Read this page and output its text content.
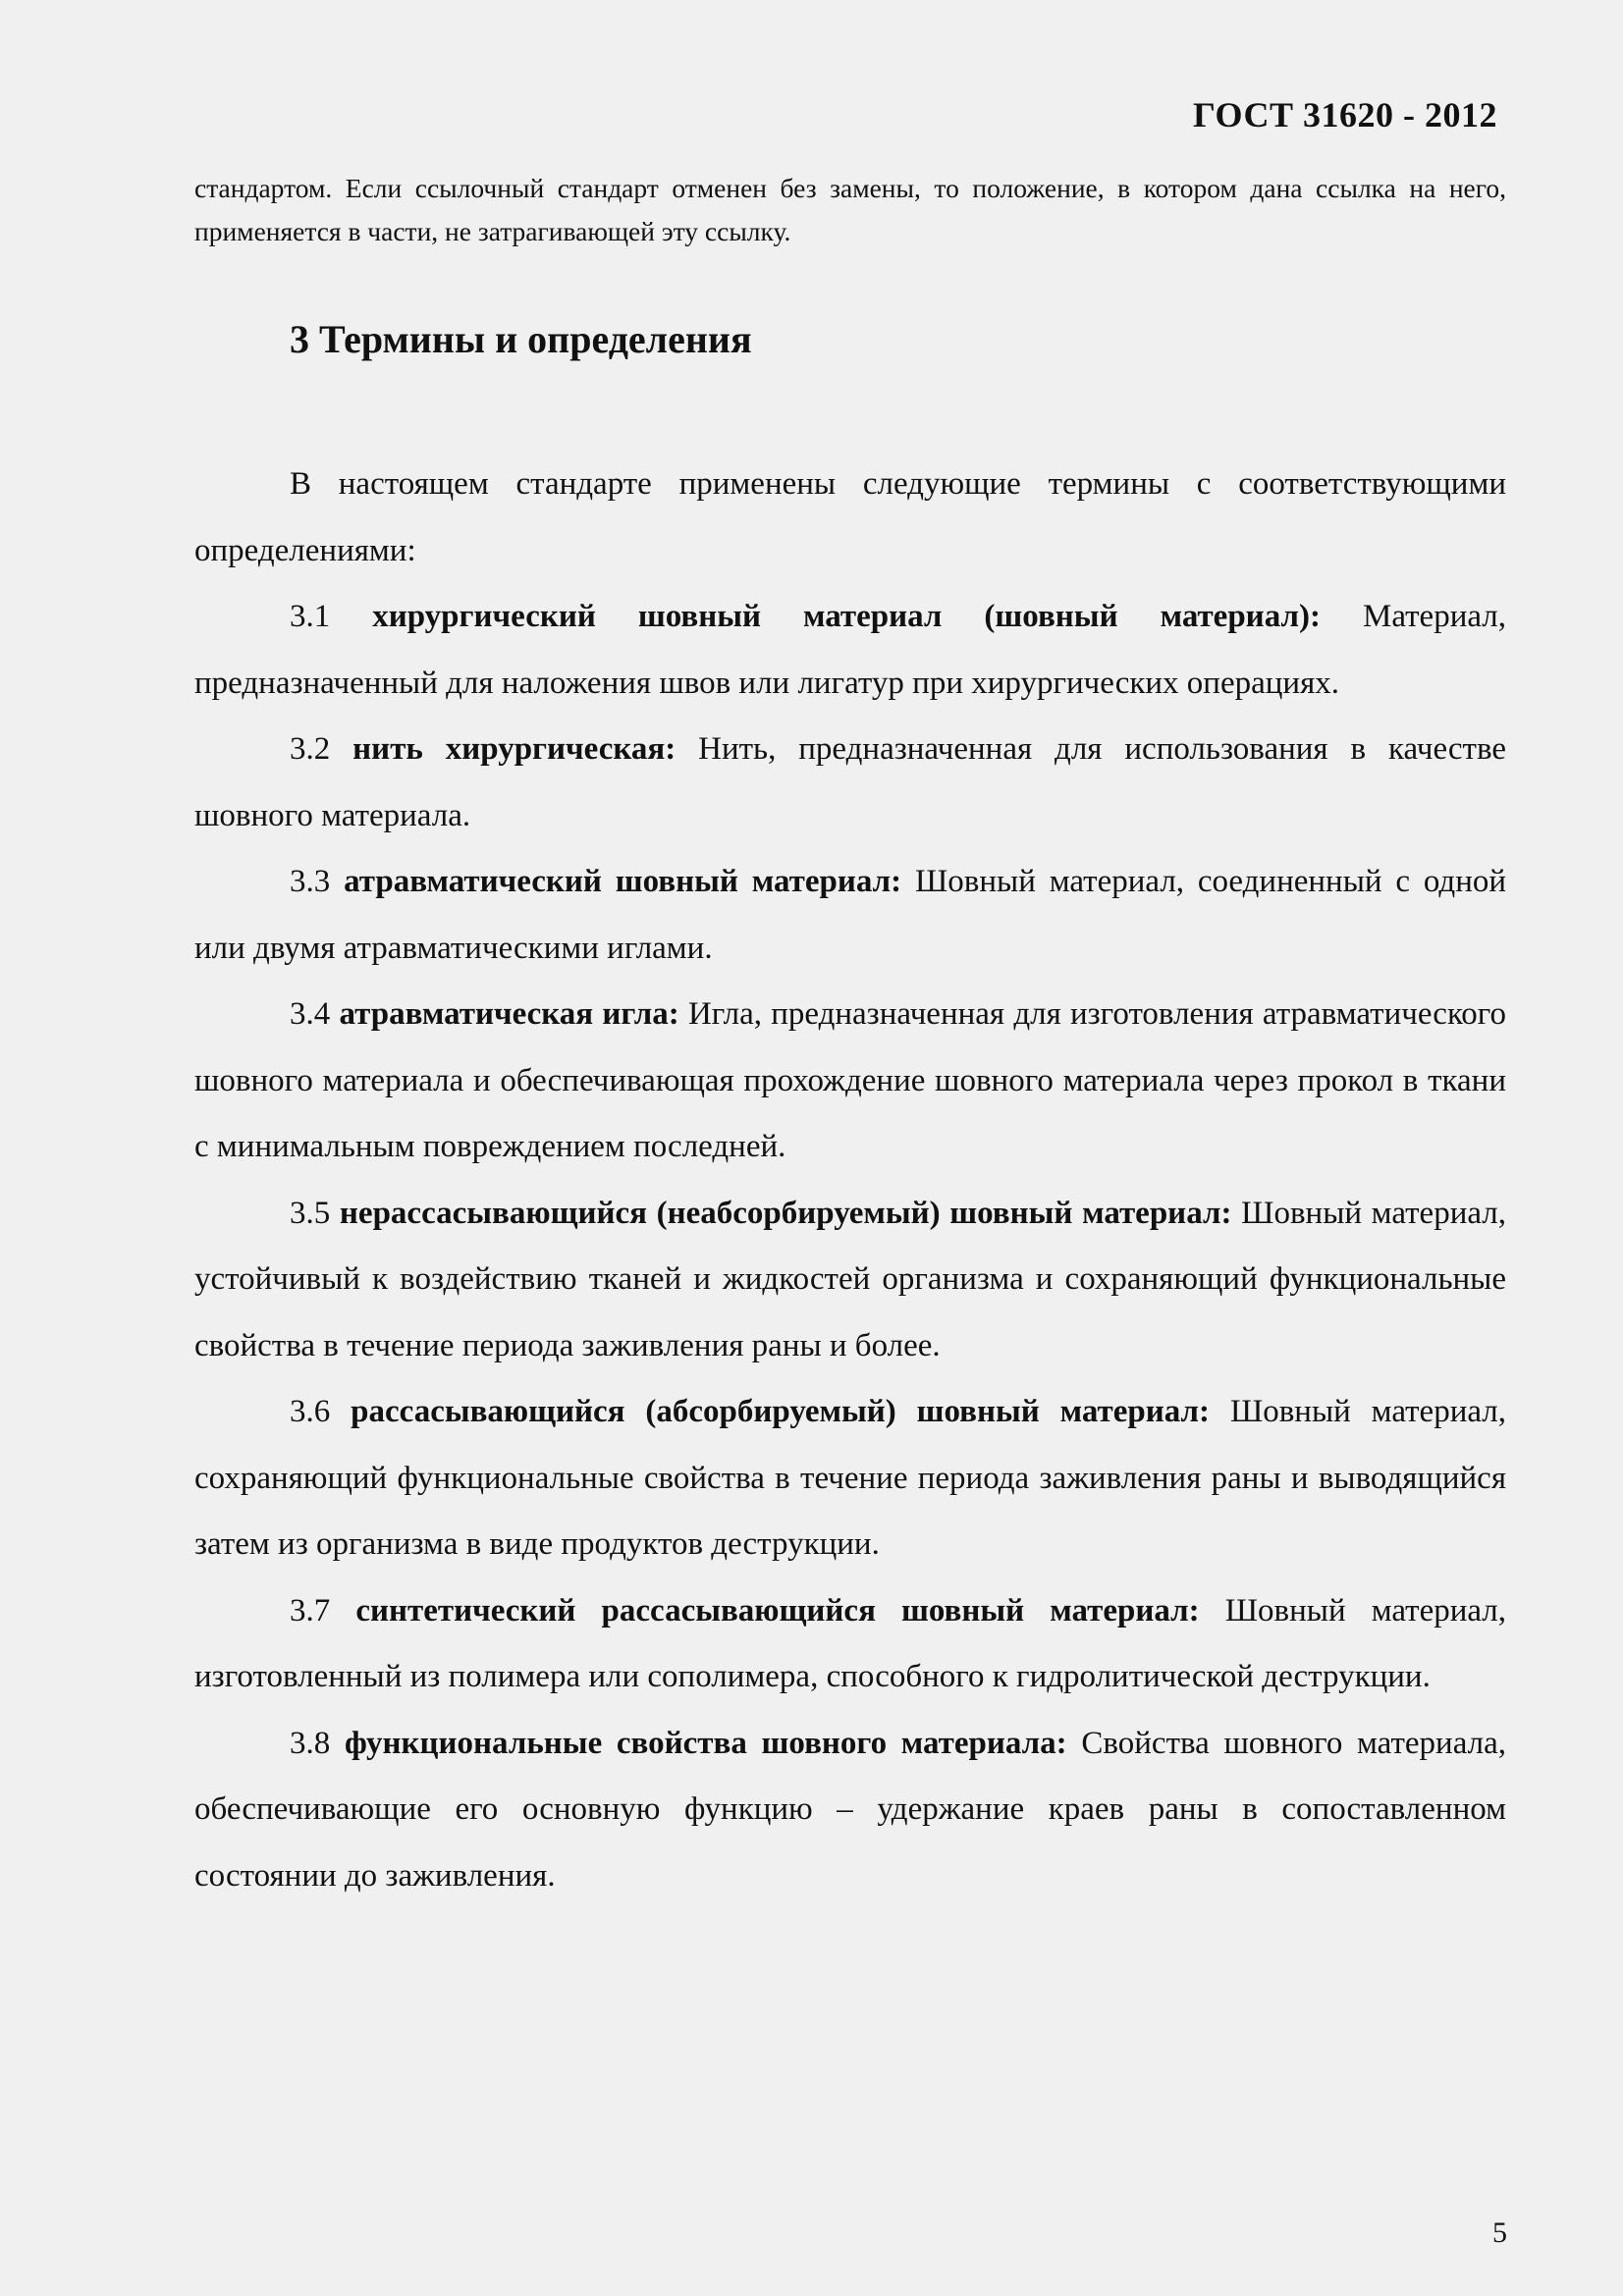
ГОСТ 31620 - 2012
стандартом. Если ссылочный стандарт отменен без замены, то положение, в котором дана ссылка на него, применяется в части, не затрагивающей эту ссылку.
3 Термины и определения

В настоящем стандарте применены следующие термины с соответствующими определениями:

3.1 хирургический шовный материал (шовный материал): Материал, предназначенный для наложения швов или лигатур при хирургических операциях.

3.2 нить хирургическая: Нить, предназначенная для использования в качестве шовного материала.

3.3 атравматический шовный материал: Шовный материал, соединенный с одной или двумя атравматическими иглами.

3.4 атравматическая игла: Игла, предназначенная для изготовления атравматического шовного материала и обеспечивающая прохождение шовного материала через прокол в ткани с минимальным повреждением последней.

3.5 нерассасывающийся (неабсорбируемый) шовный материал: Шовный материал, устойчивый к воздействию тканей и жидкостей организма и сохраняющий функциональные свойства в течение периода заживления раны и более.

3.6 рассасывающийся (абсорбируемый) шовный материал: Шовный материал, сохраняющий функциональные свойства в течение периода заживления раны и выводящийся затем из организма в виде продуктов деструкции.

3.7 синтетический рассасывающийся шовный материал: Шовный материал, изготовленный из полимера или сополимера, способного к гидролитической деструкции.

3.8 функциональные свойства шовного материала: Свойства шовного материала, обеспечивающие его основную функцию – удержание краев раны в сопоставленном состоянии до заживления.

5
